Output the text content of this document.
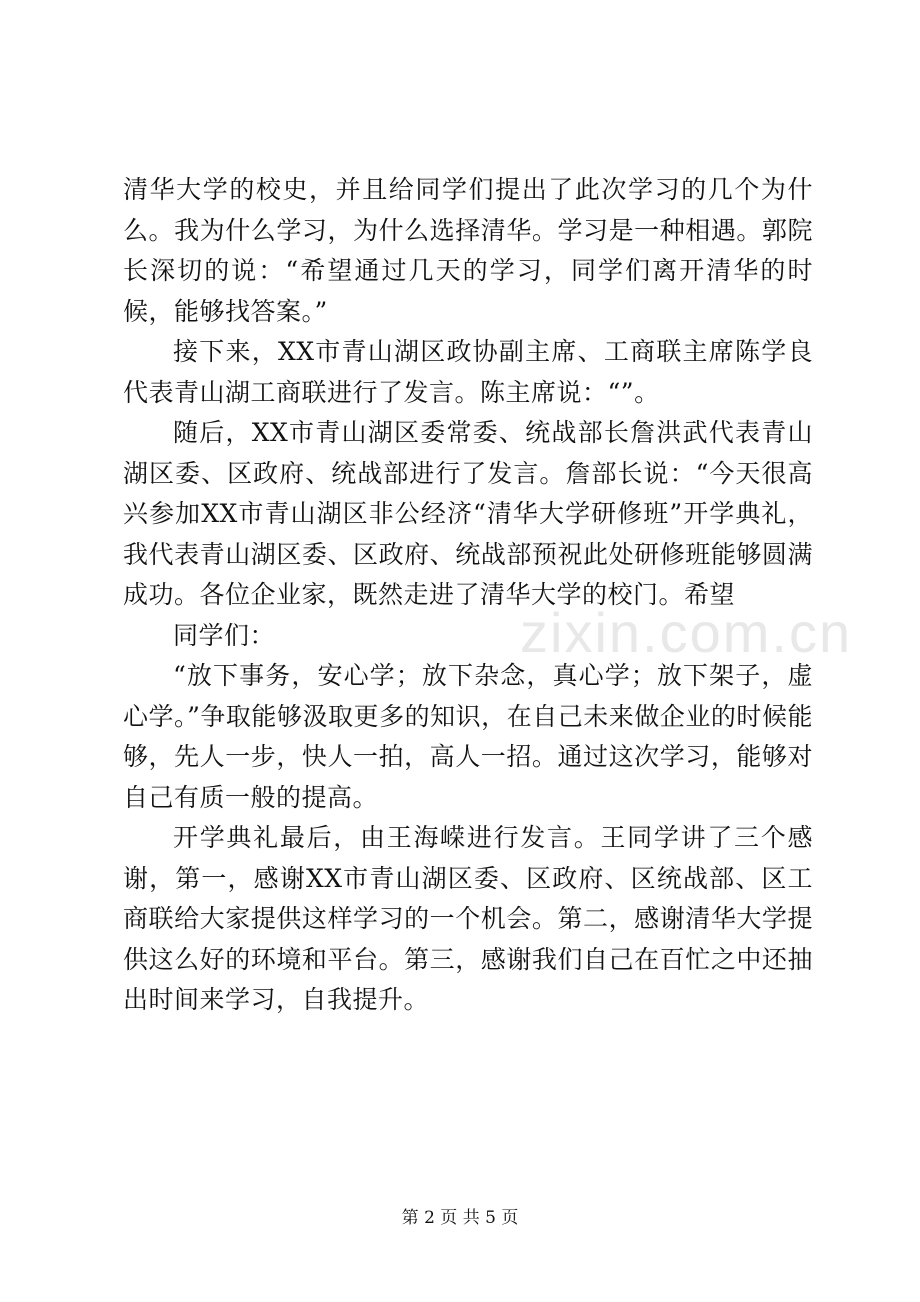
zixin.com.cn

清华大学的校史，并且给同学们提出了此次学习的几个为什么。我为什么学习，为什么选择清华。学习是一种相遇。郭院长深切的说：“希望通过几天的学习，同学们离开清华的时候，能够找答案。”

接下来，XX市青山湖区政协副主席、工商联主席陈学良代表青山湖工商联进行了发言。陈主席说：“”。

随后，XX市青山湖区委常委、统战部长詹洪武代表青山湖区委、区政府、统战部进行了发言。詹部长说：“今天很高兴参加XX市青山湖区非公经济“清华大学研修班”开学典礼，我代表青山湖区委、区政府、统战部预祝此处研修班能够圆满成功。各位企业家，既然走进了清华大学的校门。希望

同学们：

“放下事务，安心学；放下杂念，真心学；放下架子，虚心学。”争取能够汲取更多的知识，在自己未来做企业的时候能够，先人一步，快人一拍，高人一招。通过这次学习，能够对自己有质一般的提高。

开学典礼最后，由王海嵘进行发言。王同学讲了三个感谢，第一，感谢XX市青山湖区委、区政府、区统战部、区工商联给大家提供这样学习的一个机会。第二，感谢清华大学提供这么好的环境和平台。第三，感谢我们自己在百忙之中还抽出时间来学习，自我提升。

第 2 页 共 5 页
